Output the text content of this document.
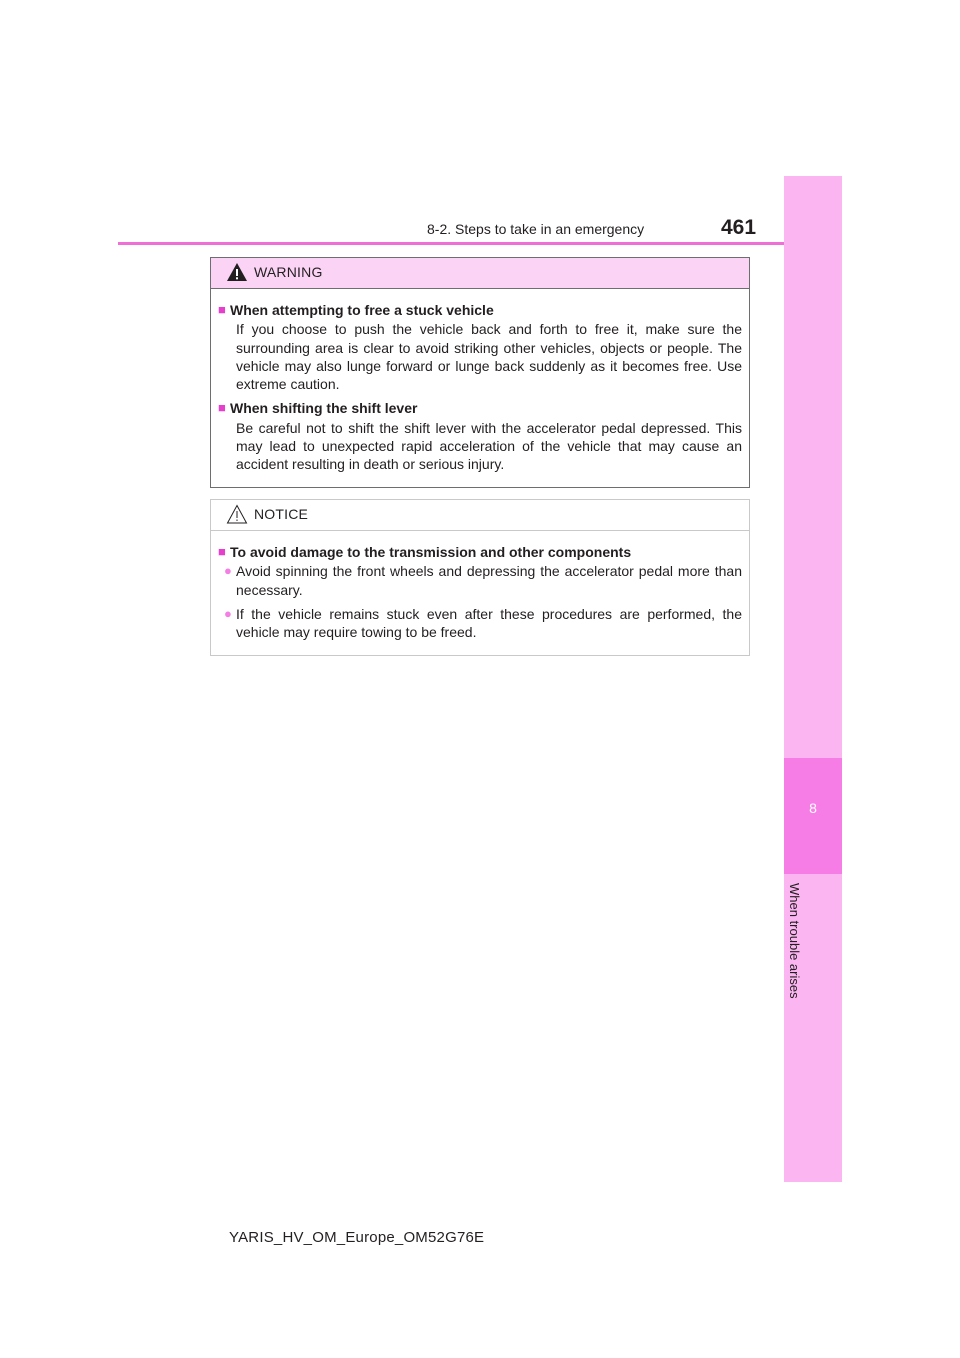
8
When trouble arises
8-2. Steps to take in an emergency	461
WARNING
■ When attempting to free a stuck vehicle
If you choose to push the vehicle back and forth to free it, make sure the surrounding area is clear to avoid striking other vehicles, objects or people. The vehicle may also lunge forward or lunge back suddenly as it becomes free. Use extreme caution.
■ When shifting the shift lever
Be careful not to shift the shift lever with the accelerator pedal depressed. This may lead to unexpected rapid acceleration of the vehicle that may cause an accident resulting in death or serious injury.
NOTICE
■ To avoid damage to the transmission and other components
● Avoid spinning the front wheels and depressing the accelerator pedal more than necessary.
● If the vehicle remains stuck even after these procedures are performed, the vehicle may require towing to be freed.
YARIS_HV_OM_Europe_OM52G76E
